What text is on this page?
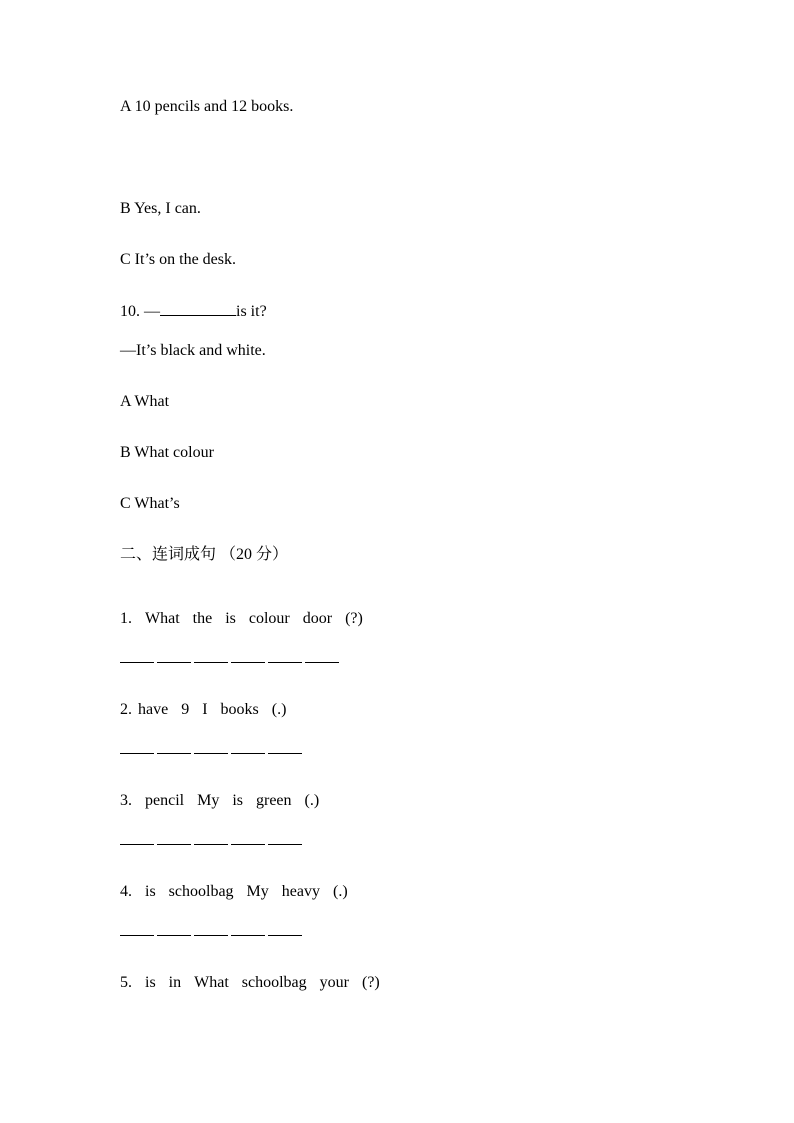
A 10 pencils and 12 books.

B Yes, I can.

C It’s on the desk.

10. —	is it?

—It’s black and white.

A What

B What colour

C What’s

二、连词成句 （20 分）

1. What the is colour door (?)

2. have 9 I books (.)

3. pencil My is green (.)

4. is schoolbag My heavy (.)

5. is in What schoolbag your (?)
